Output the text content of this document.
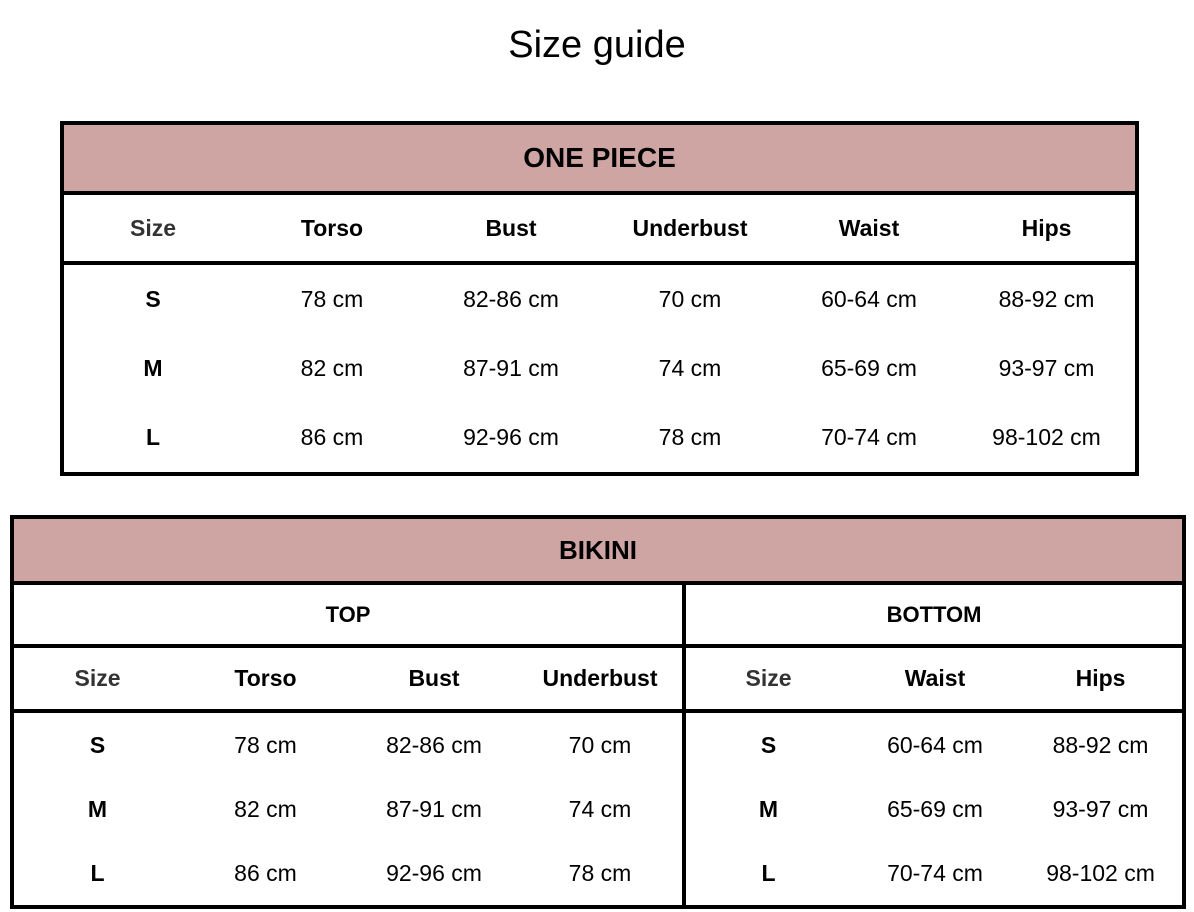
Size guide
ONE PIECE					
Size	Torso	Bust	Underbust	Waist	Hips
S	78 cm	82-86 cm	70 cm	60-64 cm	88-92 cm
M	82 cm	87-91 cm	74 cm	65-69 cm	93-97 cm
L	86 cm	92-96 cm	78 cm	70-74 cm	98-102 cm
BIKINI						
TOP				BOTTOM		
Size	Torso	Bust	Underbust	Size	Waist	Hips
S	78 cm	82-86 cm	70 cm	S	60-64 cm	88-92 cm
M	82 cm	87-91 cm	74 cm	M	65-69 cm	93-97 cm
L	86 cm	92-96 cm	78 cm	L	70-74 cm	98-102 cm
